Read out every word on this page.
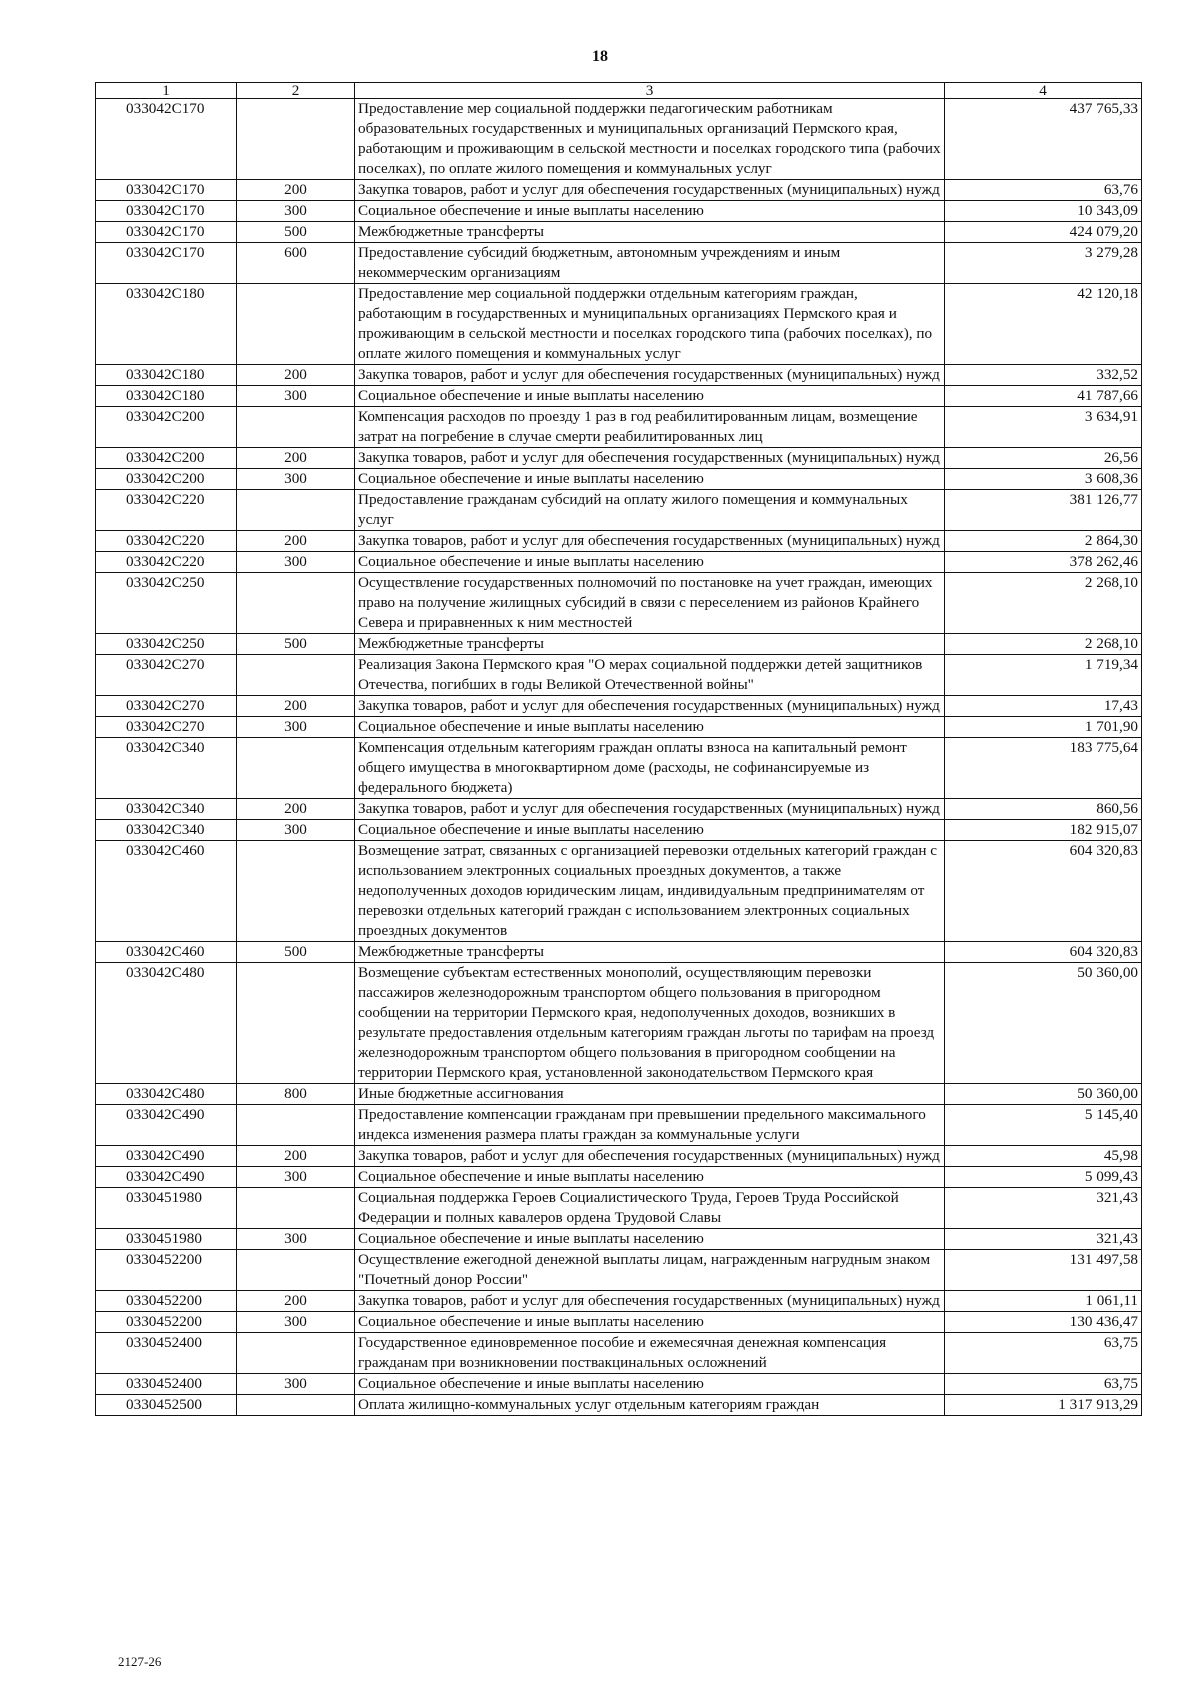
18
1	2	3	4
033042С170		Предоставление мер социальной поддержки педагогическим работникам образовательных государственных и муниципальных организаций Пермского края, работающим и проживающим в сельской местности и поселках городского типа (рабочих поселках), по оплате жилого помещения и коммунальных услуг	437 765,33
033042С170	200	Закупка товаров, работ и услуг для обеспечения государственных (муниципальных) нужд	63,76
033042С170	300	Социальное обеспечение и иные выплаты населению	10 343,09
033042С170	500	Межбюджетные трансферты	424 079,20
033042С170	600	Предоставление субсидий бюджетным, автономным учреждениям и иным некоммерческим организациям	3 279,28
033042С180		Предоставление мер социальной поддержки отдельным категориям граждан, работающим в государственных и муниципальных организациях Пермского края и проживающим в сельской местности и поселках городского типа (рабочих поселках), по оплате жилого помещения и коммунальных услуг	42 120,18
033042С180	200	Закупка товаров, работ и услуг для обеспечения государственных (муниципальных) нужд	332,52
033042С180	300	Социальное обеспечение и иные выплаты населению	41 787,66
033042С200		Компенсация расходов по проезду 1 раз в год реабилитированным лицам, возмещение затрат на погребение в случае смерти реабилитированных лиц	3 634,91
033042С200	200	Закупка товаров, работ и услуг для обеспечения государственных (муниципальных) нужд	26,56
033042С200	300	Социальное обеспечение и иные выплаты населению	3 608,36
033042С220		Предоставление гражданам субсидий на оплату жилого помещения и коммунальных услуг	381 126,77
033042С220	200	Закупка товаров, работ и услуг для обеспечения государственных (муниципальных) нужд	2 864,30
033042С220	300	Социальное обеспечение и иные выплаты населению	378 262,46
033042С250		Осуществление государственных полномочий по постановке на учет граждан, имеющих право на получение жилищных субсидий в связи с переселением из районов Крайнего Севера и приравненных к ним местностей	2 268,10
033042С250	500	Межбюджетные трансферты	2 268,10
033042С270		Реализация Закона Пермского края "О мерах социальной поддержки детей защитников Отечества, погибших в годы Великой Отечественной войны"	1 719,34
033042С270	200	Закупка товаров, работ и услуг для обеспечения государственных (муниципальных) нужд	17,43
033042С270	300	Социальное обеспечение и иные выплаты населению	1 701,90
033042С340		Компенсация отдельным категориям граждан оплаты взноса на капитальный ремонт общего имущества в многоквартирном доме (расходы, не софинансируемые из федерального бюджета)	183 775,64
033042С340	200	Закупка товаров, работ и услуг для обеспечения государственных (муниципальных) нужд	860,56
033042С340	300	Социальное обеспечение и иные выплаты населению	182 915,07
033042С460		Возмещение затрат, связанных с организацией перевозки отдельных категорий граждан с использованием электронных социальных проездных документов, а также недополученных доходов юридическим лицам, индивидуальным предпринимателям от перевозки отдельных категорий граждан с использованием электронных социальных проездных документов	604 320,83
033042С460	500	Межбюджетные трансферты	604 320,83
033042С480		Возмещение субъектам естественных монополий, осуществляющим перевозки пассажиров железнодорожным транспортом общего пользования в пригородном сообщении на территории Пермского края, недополученных доходов, возникших в результате предоставления отдельным категориям граждан льготы по тарифам на проезд железнодорожным транспортом общего пользования в пригородном сообщении на территории Пермского края, установленной законодательством Пермского края	50 360,00
033042С480	800	Иные бюджетные ассигнования	50 360,00
033042С490		Предоставление компенсации гражданам при превышении предельного максимального индекса изменения размера платы граждан за коммунальные услуги	5 145,40
033042С490	200	Закупка товаров, работ и услуг для обеспечения государственных (муниципальных) нужд	45,98
033042С490	300	Социальное обеспечение и иные выплаты населению	5 099,43
0330451980		Социальная поддержка Героев Социалистического Труда, Героев Труда Российской Федерации и полных кавалеров ордена Трудовой Славы	321,43
0330451980	300	Социальное обеспечение и иные выплаты населению	321,43
0330452200		Осуществление ежегодной денежной выплаты лицам, награжденным нагрудным знаком "Почетный донор России"	131 497,58
0330452200	200	Закупка товаров, работ и услуг для обеспечения государственных (муниципальных) нужд	1 061,11
0330452200	300	Социальное обеспечение и иные выплаты населению	130 436,47
0330452400		Государственное единовременное пособие и ежемесячная денежная компенсация гражданам при возникновении поствакцинальных осложнений	63,75
0330452400	300	Социальное обеспечение и иные выплаты населению	63,75
0330452500		Оплата жилищно-коммунальных услуг отдельным категориям граждан	1 317 913,29
2127-26
